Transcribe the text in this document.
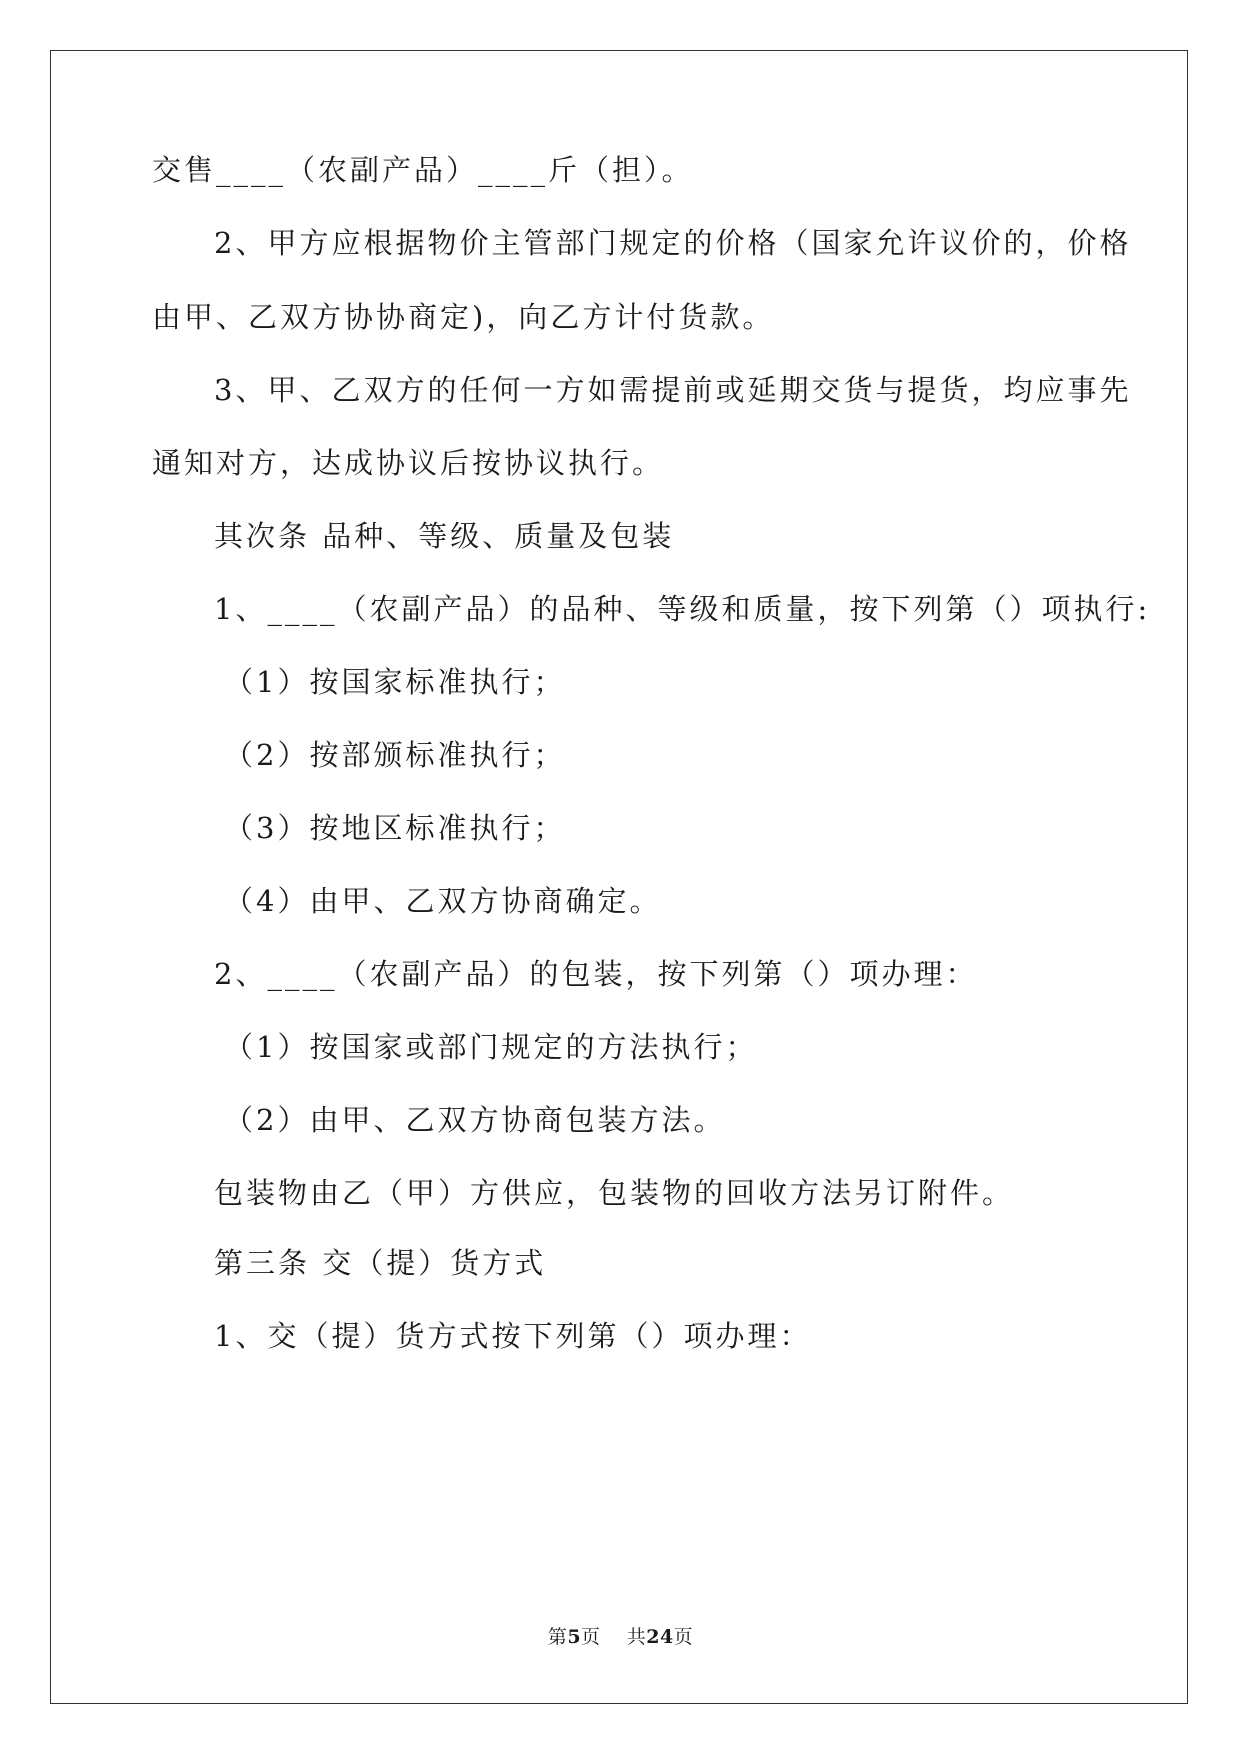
交售____（农副产品）____斤（担）。
2、甲方应根据物价主管部门规定的价格（国家允许议价的，价格
由甲、乙双方协协商定)，向乙方计付货款。
3、甲、乙双方的任何一方如需提前或延期交货与提货，均应事先
通知对方，达成协议后按协议执行。
其次条 品种、等级、质量及包装
1、____（农副产品）的品种、等级和质量，按下列第（）项执行:
（1）按国家标准执行；
（2）按部颁标准执行；
（3）按地区标准执行；
（4）由甲、乙双方协商确定。
2、____（农副产品）的包装，按下列第（）项办理：
（1）按国家或部门规定的方法执行；
（2）由甲、乙双方协商包装方法。
包装物由乙（甲）方供应，包装物的回收方法另订附件。
第三条 交（提）货方式
1、交（提）货方式按下列第（）项办理：
第5页    共24页
